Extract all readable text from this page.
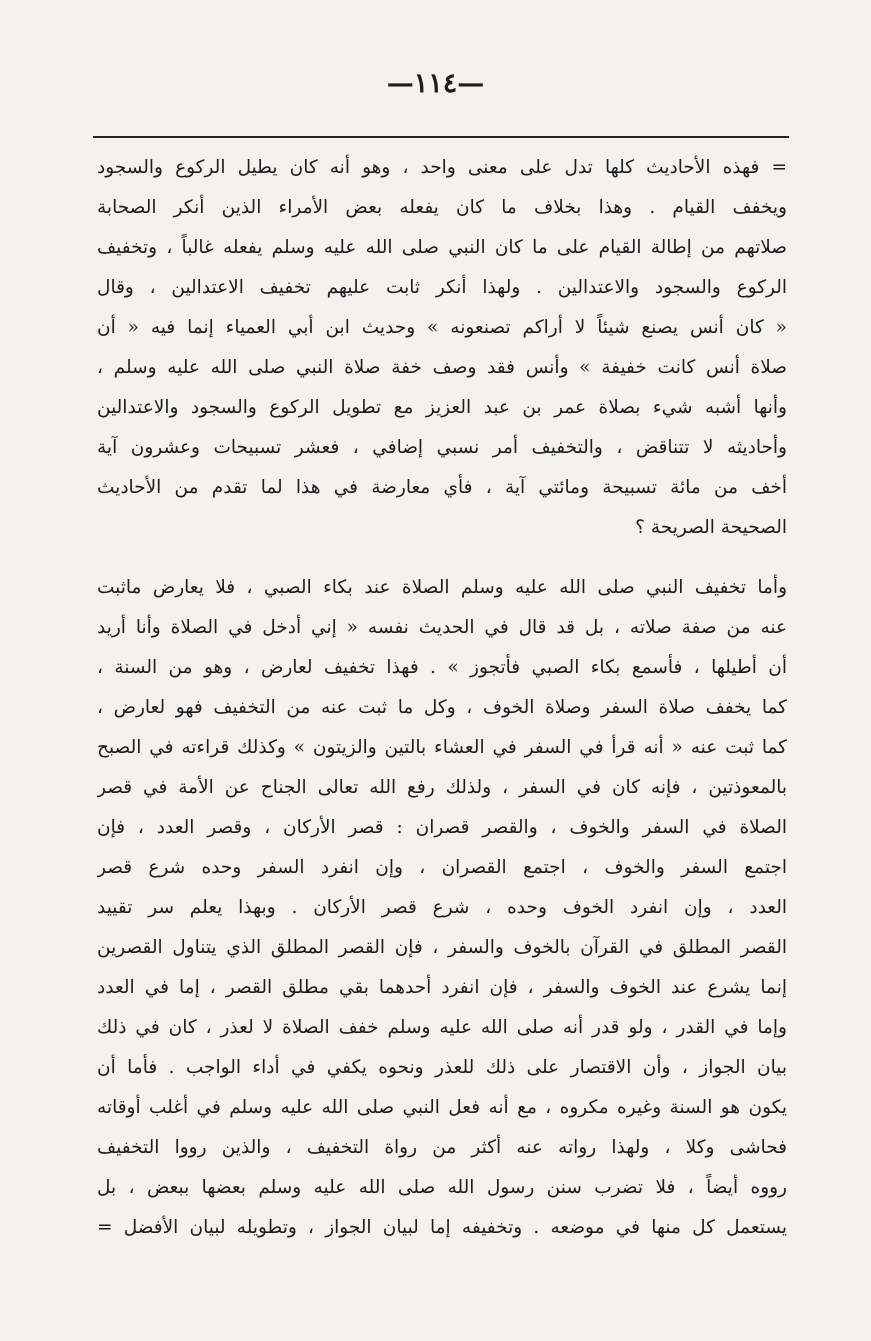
—١١٤—
= فهذه الأحاديث كلها تدل على معنى واحد ، وهو أنه كان يطيل الركوع والسجود
ويخفف القيام . وهذا بخلاف ما كان يفعله بعض الأمراء الذين أنكر الصحابة
صلاتهم من إطالة القيام على ما كان النبي صلى الله عليه وسلم يفعله غالباً ، وتخفيف
الركوع والسجود والاعتدالين . ولهذا أنكر ثابت عليهم تخفيف الاعتدالين ، وقال
« كان أنس يصنع شيئاً لا أراكم تصنعونه » وحديث ابن أبي العمياء إنما فيه « أن
صلاة أنس كانت خفيفة » وأنس فقد وصف خفة صلاة النبي صلى الله عليه وسلم ،
وأنها أشبه شيء بصلاة عمر بن عبد العزيز مع تطويل الركوع والسجود والاعتدالين
وأحاديثه لا تتناقض ، والتخفيف أمر نسبي إضافي ، فعشر تسبيحات وعشرون آية
أخف من مائة تسبيحة ومائتي آية ، فأي معارضة في هذا لما تقدم من الأحاديث
الصحيحة الصريحة ؟
وأما تخفيف النبي صلى الله عليه وسلم الصلاة عند بكاء الصبي ، فلا يعارض ماثبت
عنه من صفة صلاته ، بل قد قال في الحديث نفسه « إني أدخل في الصلاة وأنا أريد
أن أطيلها ، فأسمع بكاء الصبي فأتجوز » . فهذا تخفيف لعارض ، وهو من السنة ،
كما يخفف صلاة السفر وصلاة الخوف ، وكل ما ثبت عنه من التخفيف فهو لعارض ،
كما ثبت عنه « أنه قرأ في السفر في العشاء بالتين والزيتون » وكذلك قراءته في الصبح
بالمعوذتين ، فإنه كان في السفر ، ولذلك رفع الله تعالى الجناح عن الأمة في قصر
الصلاة في السفر والخوف ، والقصر قصران : قصر الأركان ، وقصر العدد ، فإن
اجتمع السفر والخوف ، اجتمع القصران ، وإن انفرد السفر وحده شرع قصر
العدد ، وإن انفرد الخوف وحده ، شرع قصر الأركان . وبهذا يعلم سر تقييد
القصر المطلق في القرآن بالخوف والسفر ، فإن القصر المطلق الذي يتناول القصرين
إنما يشرع عند الخوف والسفر ، فإن انفرد أحدهما بقي مطلق القصر ، إما في العدد
وإما في القدر ، ولو قدر أنه صلى الله عليه وسلم خفف الصلاة لا لعذر ، كان في ذلك
بيان الجواز ، وأن الاقتصار على ذلك للعذر ونحوه يكفي في أداء الواجب . فأما أن
يكون هو السنة وغيره مكروه ، مع أنه فعل النبي صلى الله عليه وسلم في أغلب أوقاته
فحاشى وكلا ، ولهذا رواته عنه أكثر من رواة التخفيف ، والذين رووا التخفيف
رووه أيضاً ، فلا تضرب سنن رسول الله صلى الله عليه وسلم بعضها ببعض ، بل
يستعمل كل منها في موضعه . وتخفيفه إما لبيان الجواز ، وتطويله لبيان الأفضل =
